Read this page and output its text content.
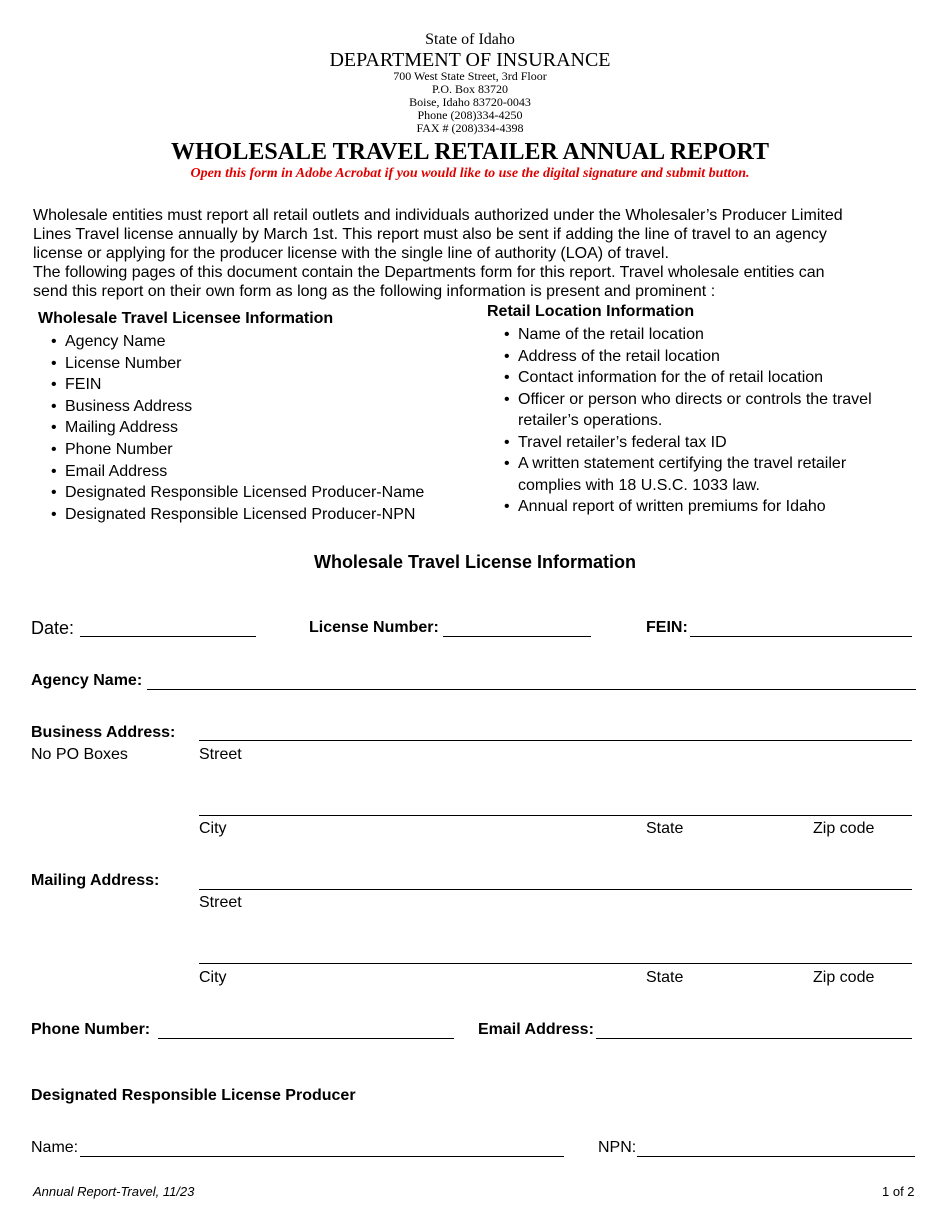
State of Idaho
DEPARTMENT OF INSURANCE
700 West State Street, 3rd Floor
P.O. Box 83720
Boise, Idaho 83720-0043
Phone (208)334-4250
FAX # (208)334-4398
WHOLESALE TRAVEL RETAILER ANNUAL REPORT
Open this form in Adobe Acrobat if you would like to use the digital signature and submit button.
Wholesale entities must report all retail outlets and individuals authorized under the Wholesaler’s Producer Limited
Lines Travel license annually by March 1st. This report must also be sent if adding the line of travel to an agency
license or applying for the producer license with the single line of authority (LOA) of travel.
The following pages of this document contain the Departments form for this report. Travel wholesale entities can
send this report on their own form as long as the following information is present and prominent :
Wholesale Travel Licensee Information
• Agency Name
• License Number
• FEIN
• Business Address
• Mailing Address
• Phone Number
• Email Address
• Designated Responsible Licensed Producer-Name
• Designated Responsible Licensed Producer-NPN
Retail Location Information
• Name of the retail location
• Address of the retail location
• Contact information for the of retail location
• Officer or person who directs or controls the travel retailer’s operations.
• Travel retailer’s federal tax ID
• A written statement certifying the travel retailer complies with 18 U.S.C. 1033 law.
• Annual report of written premiums for Idaho
Wholesale Travel License Information
Date:	License Number:	FEIN:
Agency Name:
Business Address:
No PO Boxes	Street
City	State	Zip code
Mailing Address:
Street
City	State	Zip code
Phone Number:	Email Address:
Designated Responsible License Producer
Name:	NPN:
Annual Report-Travel, 11/23	1 of 2
